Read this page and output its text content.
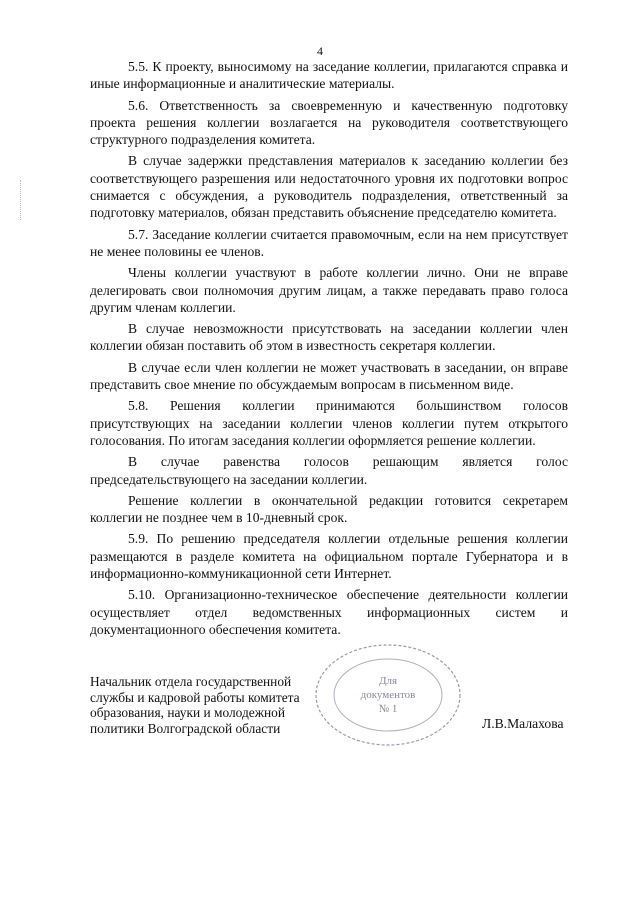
4

5.5. К проекту, выносимому на заседание коллегии, прилагаются справка и иные информационные и аналитические материалы.

5.6. Ответственность за своевременную и качественную подготовку проекта решения коллегии возлагается на руководителя соответствующего структурного подразделения комитета.

В случае задержки представления материалов к заседанию коллегии без соответствующего разрешения или недостаточного уровня их подготовки вопрос снимается с обсуждения, а руководитель подразделения, ответственный за подготовку материалов, обязан представить объяснение председателю комитета.

5.7. Заседание коллегии считается правомочным, если на нем присутствует не менее половины ее членов.

Члены коллегии участвуют в работе коллегии лично. Они не вправе делегировать свои полномочия другим лицам, а также передавать право голоса другим членам коллегии.

В случае невозможности присутствовать на заседании коллегии член коллегии обязан поставить об этом в известность секретаря коллегии.

В случае если член коллегии не может участвовать в заседании, он вправе представить свое мнение по обсуждаемым вопросам в письменном виде.

5.8. Решения коллегии принимаются большинством голосов присутствующих на заседании коллегии членов коллегии путем открытого голосования. По итогам заседания коллегии оформляется решение коллегии.

В случае равенства голосов решающим является голос председательствующего на заседании коллегии.

Решение коллегии в окончательной редакции готовится секретарем коллегии не позднее чем в 10-дневный срок.

5.9. По решению председателя коллегии отдельные решения коллегии размещаются в разделе комитета на официальном портале Губернатора и в информационно-коммуникационной сети Интернет.

5.10. Организационно-техническое обеспечение деятельности коллегии осуществляет отдел ведомственных информационных систем и документационного обеспечения комитета.

Для
документов
№ 1
Начальник отдела государственной
службы и кадровой работы комитета
образования, науки и молодежной
политики Волгоградской области	Л.В.Малахова
